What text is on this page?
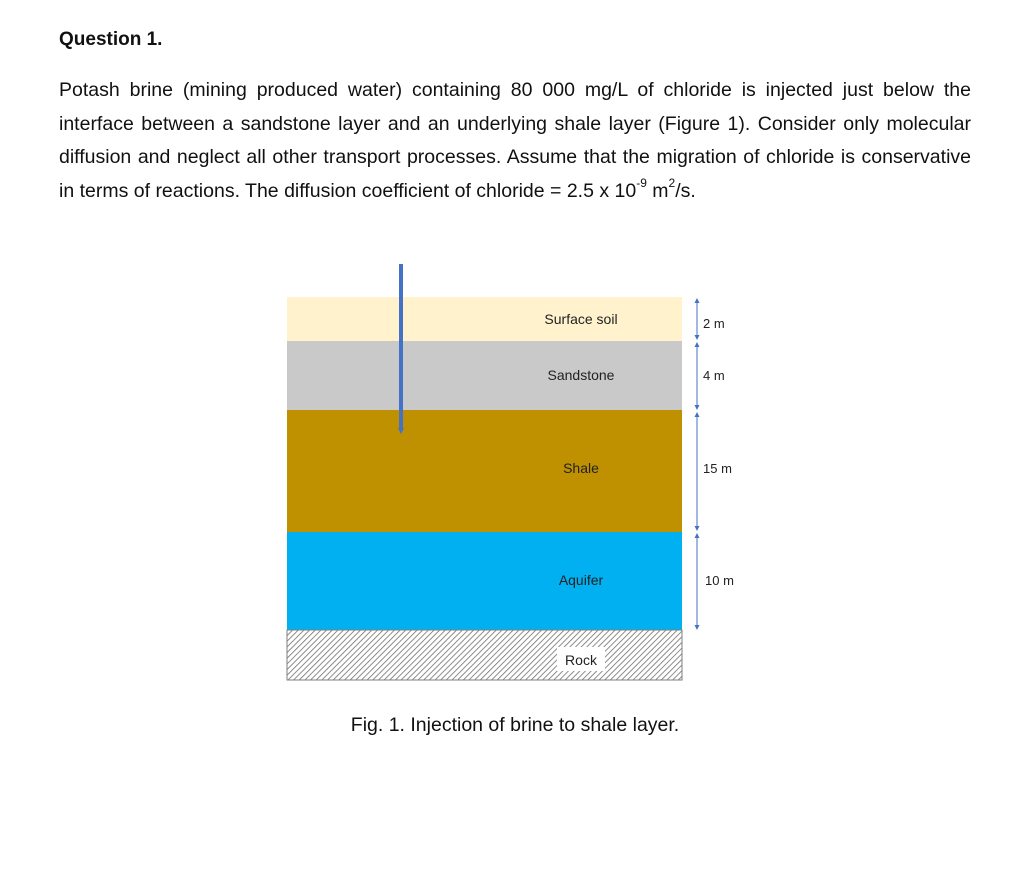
Question 1.

Potash brine (mining produced water) containing 80 000 mg/L of chloride is injected just below the interface between a sandstone layer and an underlying shale layer (Figure 1). Consider only molecular diffusion and neglect all other transport processes. Assume that the migration of chloride is conservative in terms of reactions. The diffusion coefficient of chloride = 2.5 x $10^{-9}$ $m^2/s$.

Surface soil
Sandstone
Shale
Aquifer
Rock
2 m
4 m
15 m
10 m

Fig. 1. Injection of brine to shale layer.
